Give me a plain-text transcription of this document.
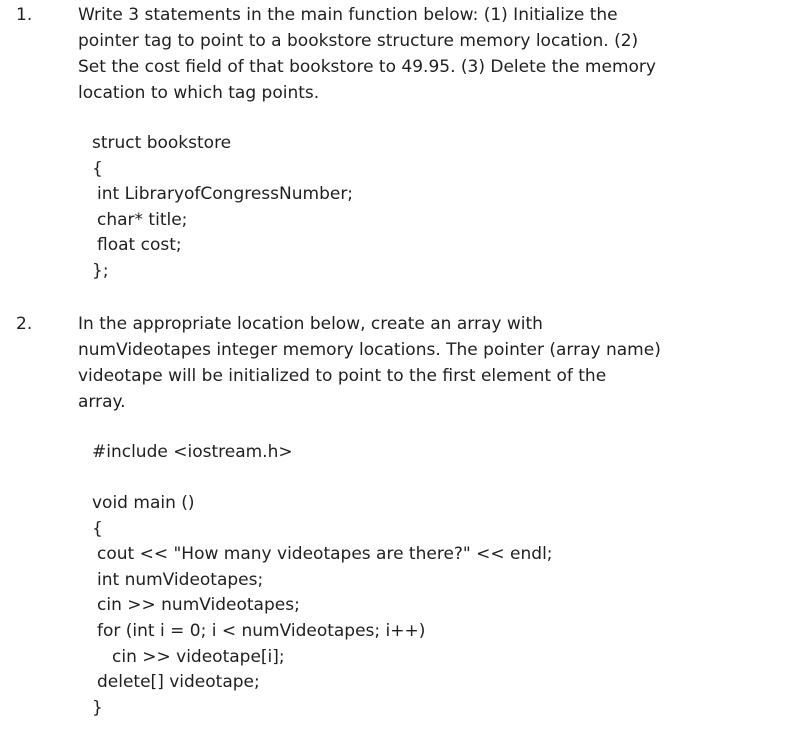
1.	Write 3 statements in the main function below: (1) Initialize the
pointer tag to point to a bookstore structure memory location. (2)
Set the cost field of that bookstore to 49.95. (3) Delete the memory
location to which tag points.
struct bookstore
{
int LibraryofCongressNumber;
char* title;
float cost;
};
2.	In the appropriate location below, create an array with
numVideotapes integer memory locations. The pointer (array name)
videotape will be initialized to point to the first element of the
array.
#include <iostream.h>
void main ()
{
cout << "How many videotapes are there?" << endl;
int numVideotapes;
cin >> numVideotapes;
for (int i = 0; i < numVideotapes; i++)
cin >> videotape[i];
delete[] videotape;
}
